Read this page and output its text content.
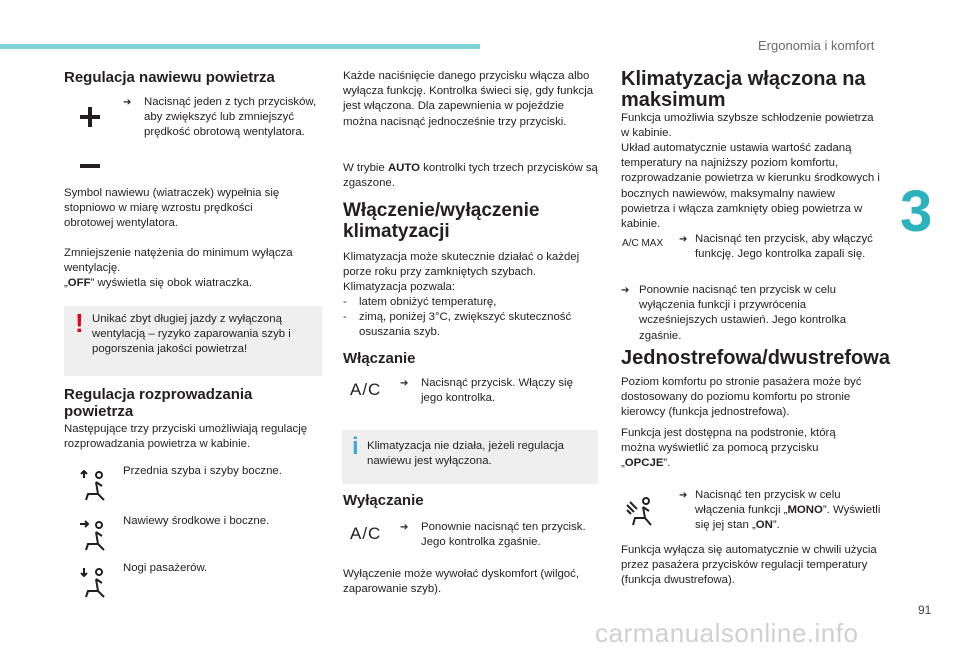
Ergonomia i komfort
3
91
carmanualsonline.info
Regulacja nawiewu powietrza
➔ Nacisnąć jeden z tych przycisków, aby zwiększyć lub zmniejszyć prędkość obrotową wentylatora.

Symbol nawiewu (wiatraczek) wypełnia się stopniowo w miarę wzrostu prędkości obrotowej wentylatora.

Zmniejszenie natężenia do minimum wyłącza wentylację.

„OFF” wyświetla się obok wiatraczka.

! Unikać zbyt długiej jazdy z wyłączoną wentylacją – ryzyko zaparowania szyb i pogorszenia jakości powietrza!

Regulacja rozprowadzania powietrza

Następujące trzy przyciski umożliwiają regulację rozprowadzania powietrza w kabinie.

Przednia szyba i szyby boczne.

Nawiewy środkowe i boczne.

Nogi pasażerów.

Każde naciśnięcie danego przycisku włącza albo wyłącza funkcję. Kontrolka świeci się, gdy funkcja jest włączona. Dla zapewnienia w pojeździe można nacisnąć jednocześnie trzy przyciski.

W trybie AUTO kontrolki tych trzech przycisków są zgaszone.

Włączenie/wyłączenie klimatyzacji

Klimatyzacja może skutecznie działać o każdej porze roku przy zamkniętych szybach.

Klimatyzacja pozwala:

- latem obniżyć temperaturę,

- zimą, poniżej 3°C, zwiększyć skuteczność osuszania szyb.

Włączanie
A/C ➔ Nacisnąć przycisk. Włączy się jego kontrolka.

i Klimatyzacja nie działa, jeżeli regulacja nawiewu jest wyłączona.

Wyłączanie
A/C ➔ Ponownie nacisnąć ten przycisk. Jego kontrolka zgaśnie.

Wyłączenie może wywołać dyskomfort (wilgoć, zaparowanie szyb).

Klimatyzacja włączona na maksimum

Funkcja umożliwia szybsze schłodzenie powietrza w kabinie.

Układ automatycznie ustawia wartość zadaną temperatury na najniższy poziom komfortu, rozprowadzanie powietrza w kierunku środkowych i bocznych nawiewów, maksymalny nawiew powietrza i włącza zamknięty obieg powietrza w kabinie.

A/C MAX ➔ Nacisnąć ten przycisk, aby włączyć funkcję. Jego kontrolka zapali się.

➔ Ponownie nacisnąć ten przycisk w celu wyłączenia funkcji i przywrócenia wcześniejszych ustawień. Jego kontrolka zgaśnie.

Jednostrefowa/dwustrefowa

Poziom komfortu po stronie pasażera może być dostosowany do poziomu komfortu po stronie kierowcy (funkcja jednostrefowa).

Funkcja jest dostępna na podstronie, którą można wyświetlić za pomocą przycisku „OPCJE”.

➔ Nacisnąć ten przycisk w celu włączenia funkcji „MONO”. Wyświetli się jej stan „ON”.

Funkcja wyłącza się automatycznie w chwili użycia przez pasażera przycisków regulacji temperatury (funkcja dwustrefowa).
